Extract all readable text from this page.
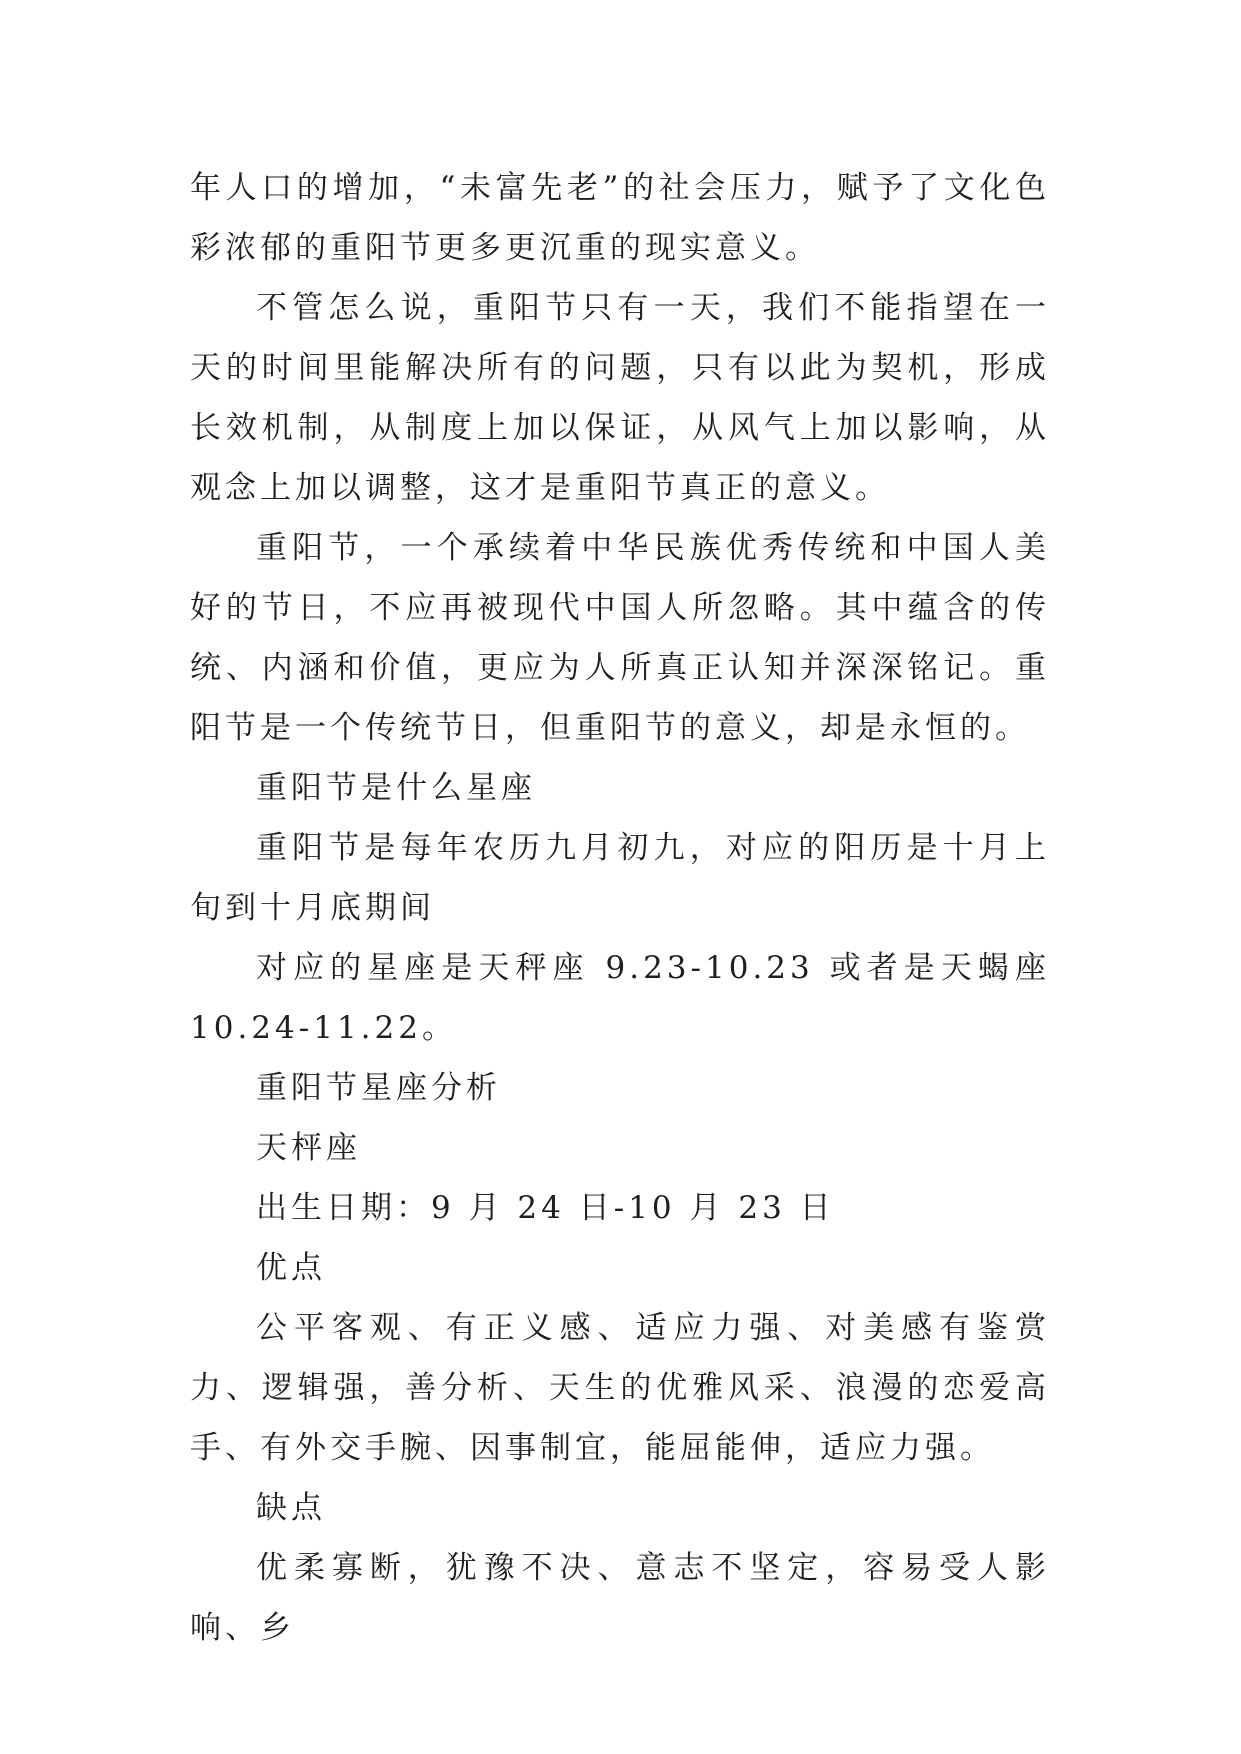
年人口的增加，“未富先老”的社会压力，赋予了文化色彩浓郁的重阳节更多更沉重的现实意义。

不管怎么说，重阳节只有一天，我们不能指望在一天的时间里能解决所有的问题，只有以此为契机，形成长效机制，从制度上加以保证，从风气上加以影响，从观念上加以调整，这才是重阳节真正的意义。

重阳节，一个承续着中华民族优秀传统和中国人美好的节日，不应再被现代中国人所忽略。其中蕴含的传统、内涵和价值，更应为人所真正认知并深深铭记。重阳节是一个传统节日，但重阳节的意义，却是永恒的。

重阳节是什么星座

重阳节是每年农历九月初九，对应的阳历是十月上旬到十月底期间

对应的星座是天秤座 9.23-10.23 或者是天蝎座 10.24-11.22。

重阳节星座分析

天枰座

出生日期：9 月 24 日-10 月 23 日

优点

公平客观、有正义感、适应力强、对美感有鉴赏力、逻辑强，善分析、天生的优雅风采、浪漫的恋爱高手、有外交手腕、因事制宜，能屈能伸，适应力强。

缺点

优柔寡断，犹豫不决、意志不坚定，容易受人影响、乡
